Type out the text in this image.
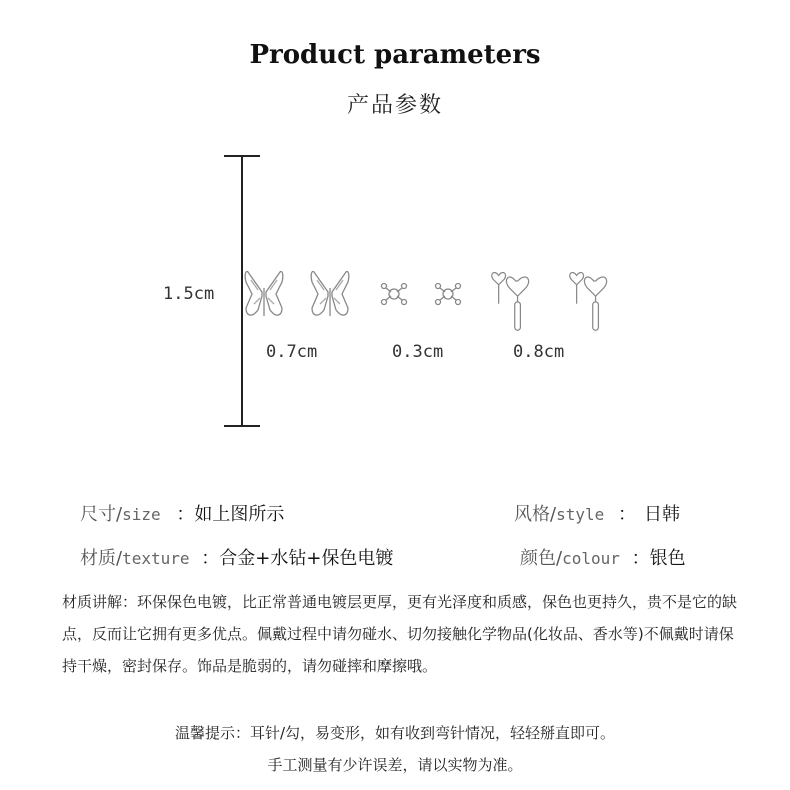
Product parameters
产品参数
1.5cm
0.7cm	0.3cm	0.8cm
尺寸/size ：如上图所示	风格/style ： 日韩
材质/texture ：合金+水钻+保色电镀	颜色/colour ：银色
材质讲解：环保保色电镀，比正常普通电镀层更厚，更有光泽度和质感，保色也更持久，贵不是它的缺点，反而让它拥有更多优点。佩戴过程中请勿碰水、切勿接触化学物品(化妆品、香水等)不佩戴时请保持干燥，密封保存。饰品是脆弱的，请勿碰摔和摩擦哦。
温馨提示：耳针/勾，易变形，如有收到弯针情况，轻轻掰直即可。
手工测量有少许误差，请以实物为准。
